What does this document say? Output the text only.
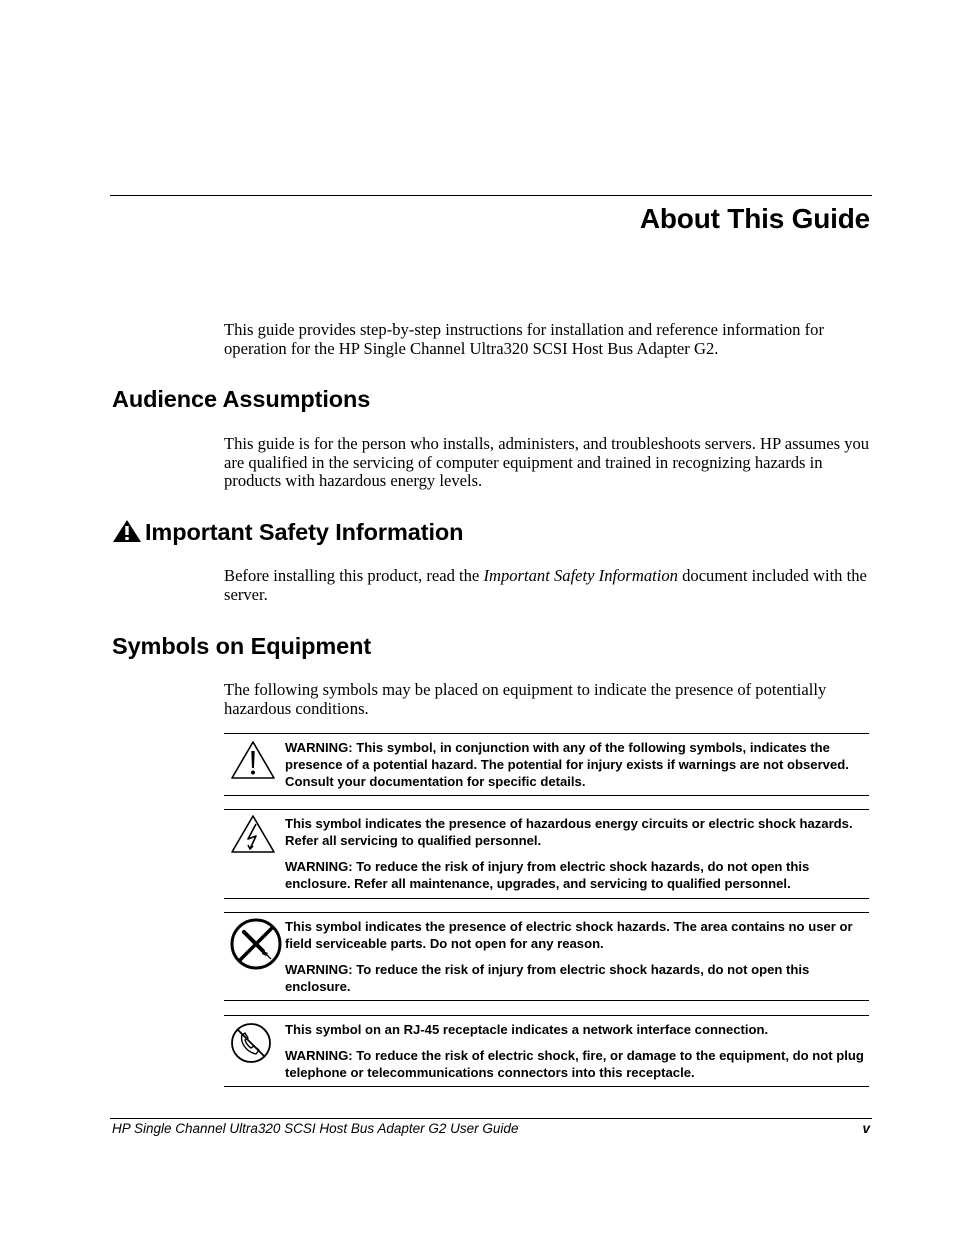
About This Guide

This guide provides step-by-step instructions for installation and reference information for operation for the HP Single Channel Ultra320 SCSI Host Bus Adapter G2.

Audience Assumptions

This guide is for the person who installs, administers, and troubleshoots servers. HP assumes you are qualified in the servicing of computer equipment and trained in recognizing hazards in products with hazardous energy levels.

Important Safety Information

Before installing this product, read the Important Safety Information document included with the server.

Symbols on Equipment

The following symbols may be placed on equipment to indicate the presence of potentially hazardous conditions.

WARNING: This symbol, in conjunction with any of the following symbols, indicates the presence of a potential hazard. The potential for injury exists if warnings are not observed. Consult your documentation for specific details.

This symbol indicates the presence of hazardous energy circuits or electric shock hazards. Refer all servicing to qualified personnel.

WARNING: To reduce the risk of injury from electric shock hazards, do not open this enclosure. Refer all maintenance, upgrades, and servicing to qualified personnel.

This symbol indicates the presence of electric shock hazards. The area contains no user or field serviceable parts. Do not open for any reason.

WARNING: To reduce the risk of injury from electric shock hazards, do not open this enclosure.

This symbol on an RJ-45 receptacle indicates a network interface connection.

WARNING: To reduce the risk of electric shock, fire, or damage to the equipment, do not plug telephone or telecommunications connectors into this receptacle.

HP Single Channel Ultra320 SCSI Host Bus Adapter G2 User Guide	v
